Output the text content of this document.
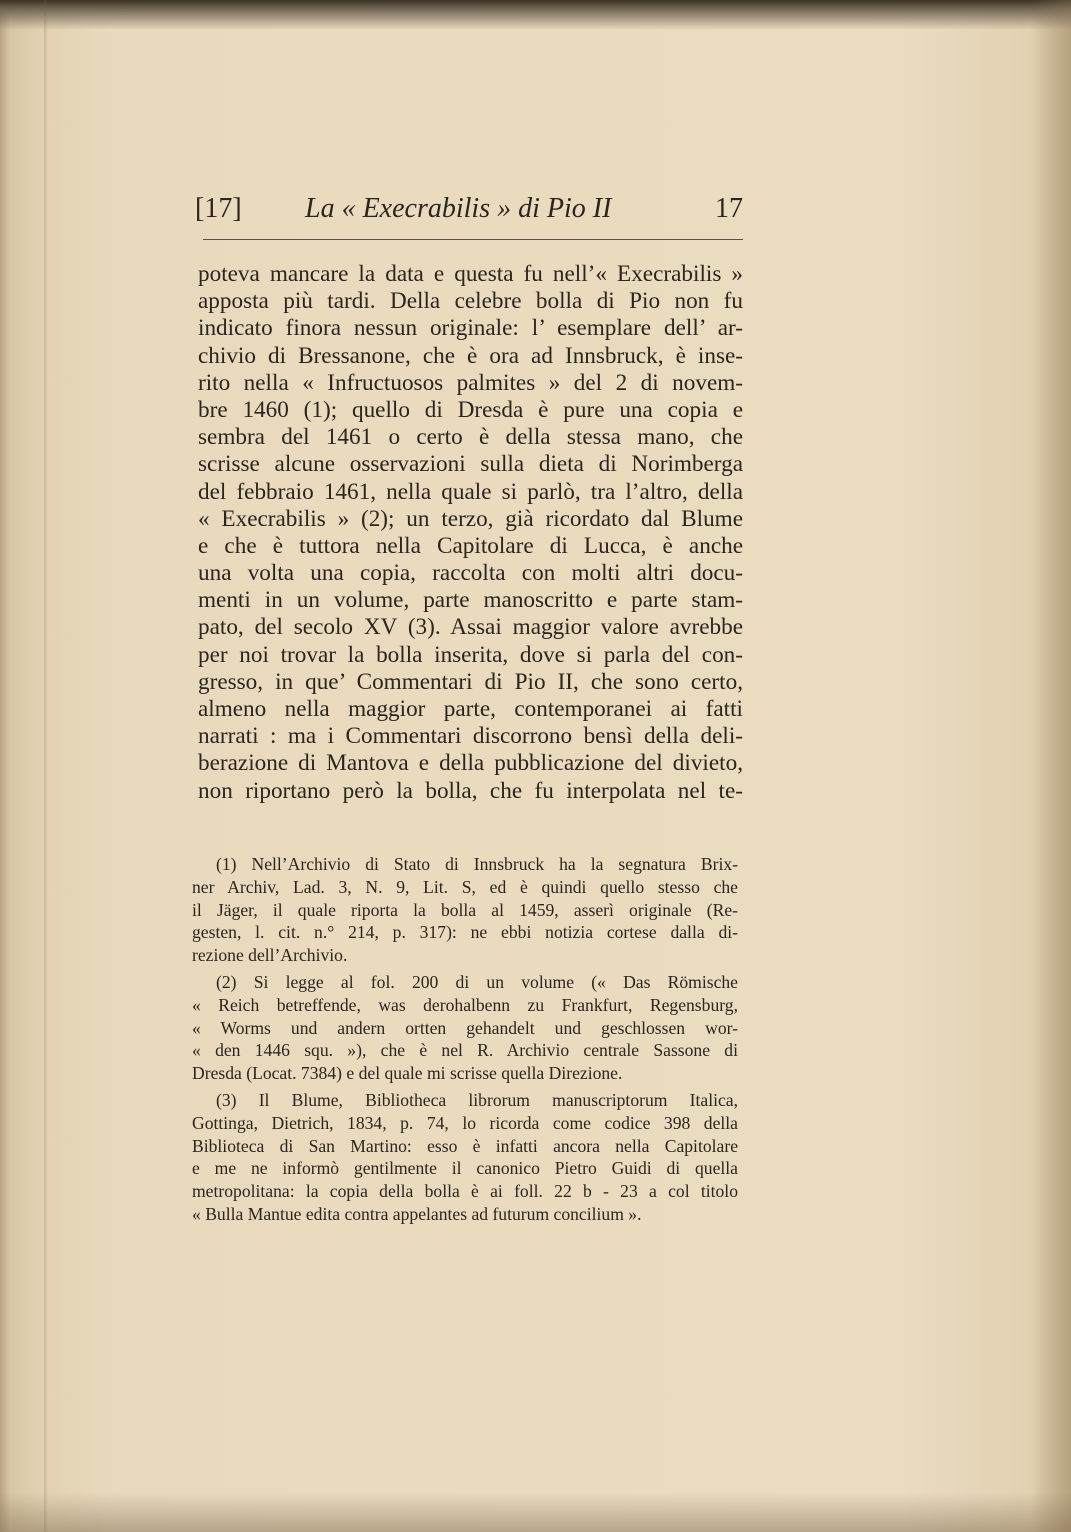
[17] La « Execrabilis » di Pio II	17
poteva mancare la data e questa fu nell’« Execrabilis »
apposta più tardi. Della celebre bolla di Pio non fu
indicato finora nessun originale: l’ esemplare dell’ ar-
chivio di Bressanone, che è ora ad Innsbruck, è inse-
rito nella « Infructuosos palmites » del 2 di novem-
bre 1460 (1); quello di Dresda è pure una copia e
sembra del 1461 o certo è della stessa mano, che
scrisse alcune osservazioni sulla dieta di Norimberga
del febbraio 1461, nella quale si parlò, tra l’altro, della
« Execrabilis » (2); un terzo, già ricordato dal Blume
e che è tuttora nella Capitolare di Lucca, è anche
una volta una copia, raccolta con molti altri docu-
menti in un volume, parte manoscritto e parte stam-
pato, del secolo XV (3). Assai maggior valore avrebbe
per noi trovar la bolla inserita, dove si parla del con-
gresso, in que’ Commentari di Pio II, che sono certo,
almeno nella maggior parte, contemporanei ai fatti
narrati : ma i Commentari discorrono bensì della deli-
berazione di Mantova e della pubblicazione del divieto,
non riportano però la bolla, che fu interpolata nel te-
(1) Nell’Archivio di Stato di Innsbruck ha la segnatura Brix-
ner Archiv, Lad. 3, N. 9, Lit. S, ed è quindi quello stesso che
il Jäger, il quale riporta la bolla al 1459, asserì originale (Re-
gesten, l. cit. n.° 214, p. 317): ne ebbi notizia cortese dalla di-
rezione dell’Archivio.
(2) Si legge al fol. 200 di un volume (« Das Römische
« Reich betreffende, was derohalbenn zu Frankfurt, Regensburg,
« Worms und andern ortten gehandelt und geschlossen wor-
« den 1446 squ. »), che è nel R. Archivio centrale Sassone di
Dresda (Locat. 7384) e del quale mi scrisse quella Direzione.
(3) Il Blume, Bibliotheca librorum manuscriptorum Italica,
Gottinga, Dietrich, 1834, p. 74, lo ricorda come codice 398 della
Biblioteca di San Martino: esso è infatti ancora nella Capitolare
e me ne informò gentilmente il canonico Pietro Guidi di quella
metropolitana: la copia della bolla è ai foll. 22 b - 23 a col titolo
« Bulla Mantue edita contra appelantes ad futurum concilium ».
